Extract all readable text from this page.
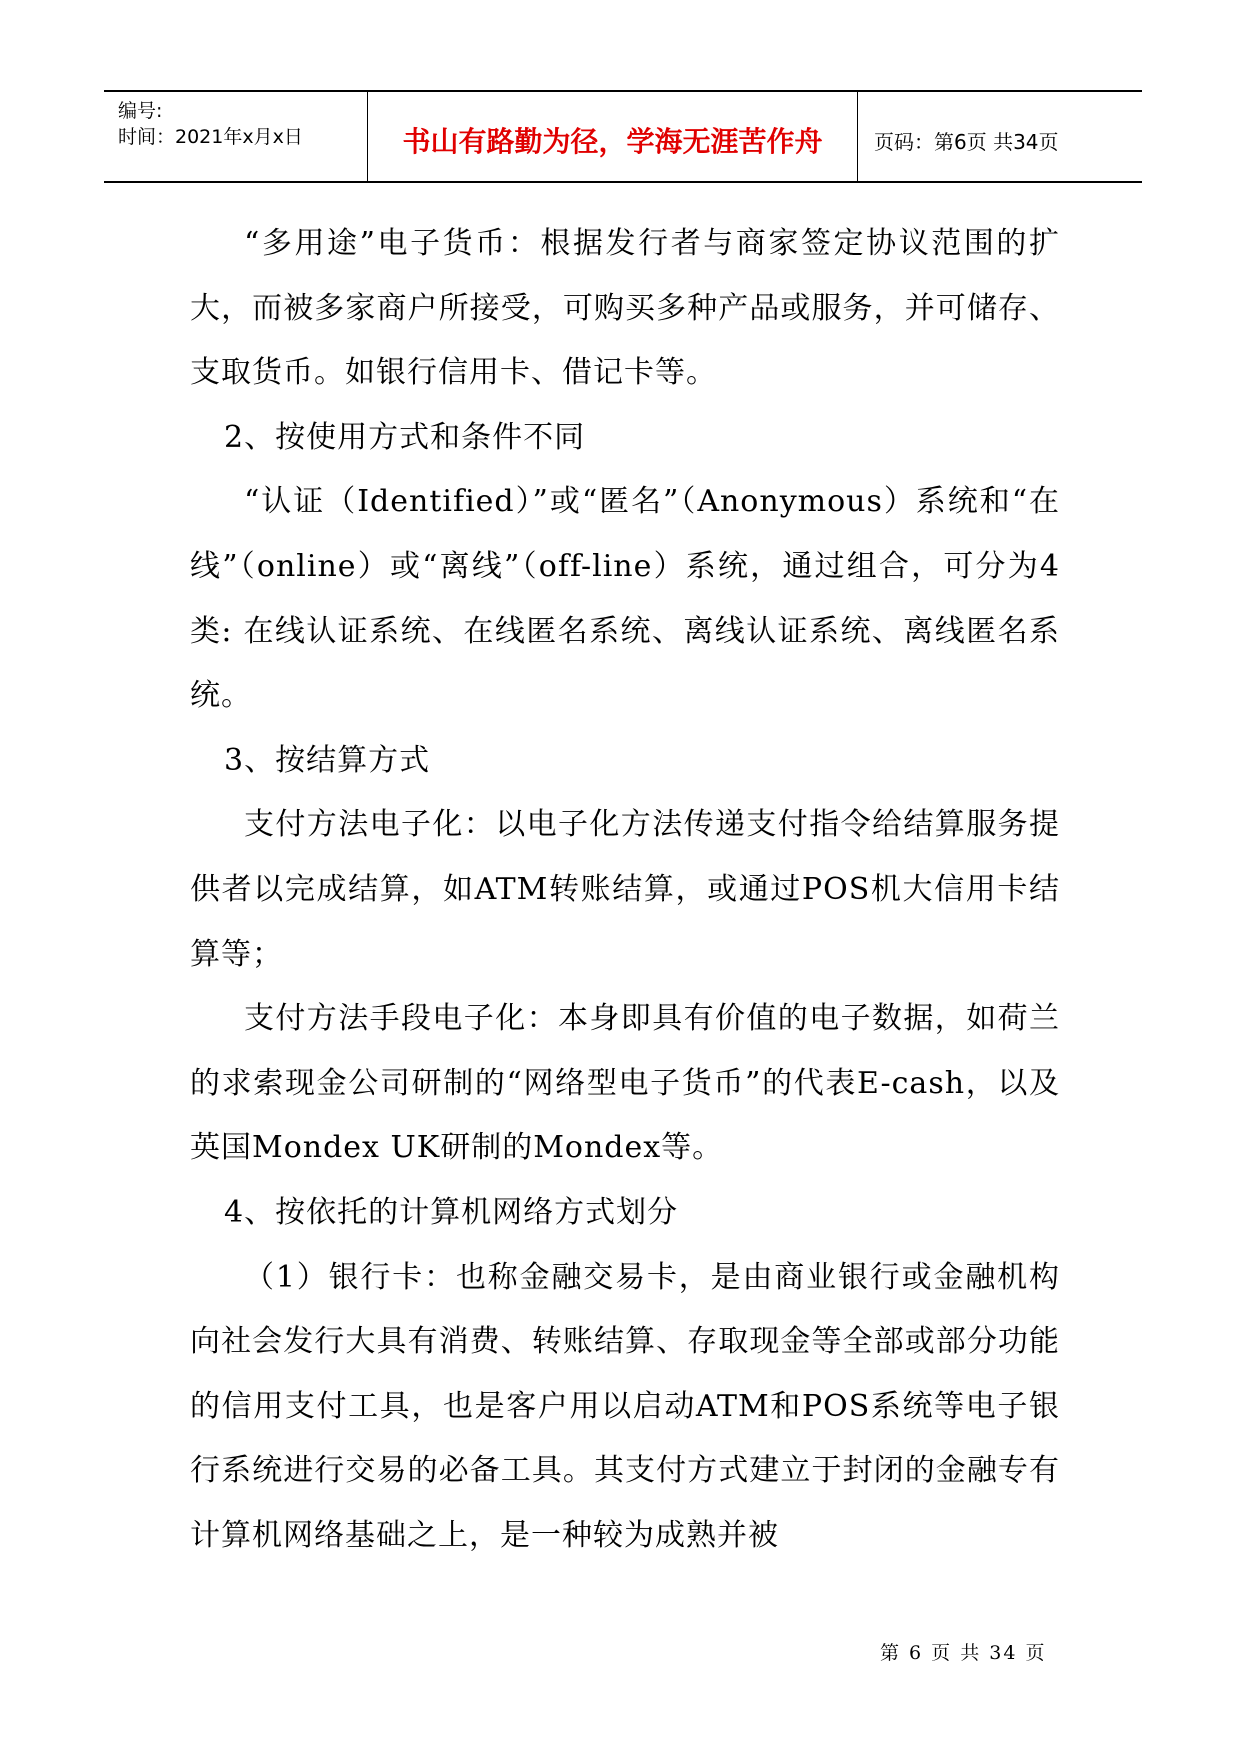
编号:
时间：2021年x月x日	书山有路勤为径，学海无涯苦作舟	页码：第6页 共34页

“多用途”电子货币：根据发行者与商家签定协议范围的扩大，而被多家商户所接受，可购买多种产品或服务，并可储存、支取货币。如银行信用卡、借记卡等。

2、按使用方式和条件不同

“认证（Identified）”或“匿名”（Anonymous）系统和“在线”（online）或“离线”（off-line）系统，通过组合，可分为4类: 在线认证系统、在线匿名系统、离线认证系统、离线匿名系统。

3、按结算方式

支付方法电子化：以电子化方法传递支付指令给结算服务提供者以完成结算，如ATM转账结算，或通过POS机大信用卡结算等；

支付方法手段电子化：本身即具有价值的电子数据，如荷兰的求索现金公司研制的“网络型电子货币”的代表E-cash，以及英国Mondex UK研制的Mondex等。

4、按依托的计算机网络方式划分

（1）银行卡：也称金融交易卡，是由商业银行或金融机构向社会发行大具有消费、转账结算、存取现金等全部或部分功能的信用支付工具，也是客户用以启动ATM和POS系统等电子银行系统进行交易的必备工具。其支付方式建立于封闭的金融专有计算机网络基础之上，是一种较为成熟并被

第 6 页 共 34 页
